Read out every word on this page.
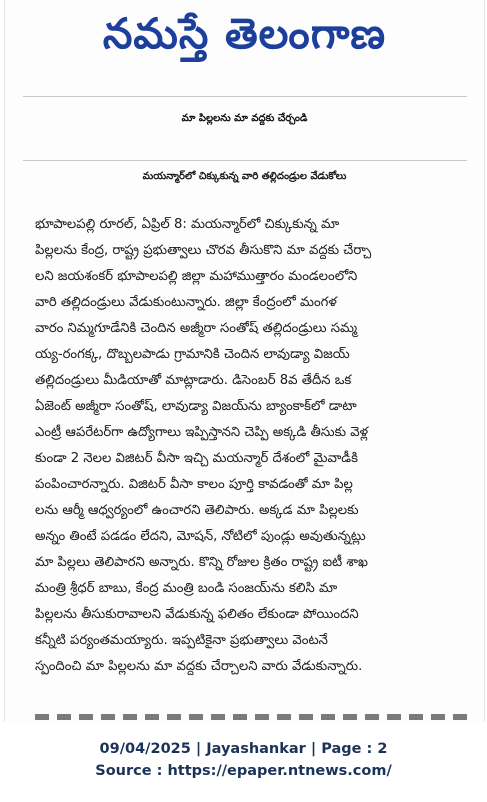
నమస్తే తెలంగాణ
మా పిల్లలను మా వద్దకు చేర్చండి
మయన్మార్‌లో చిక్కుకున్న వారి తల్లిదండ్రుల వేడుకోలు
భూపాలపల్లి రూరల్‌, ఏప్రిల్‌ 8: మయన్మార్‌లో చిక్కుకున్న మా
పిల్లలను కేంద్ర, రాష్ట్ర ప్రభుత్వాలు చొరవ తీసుకొని మా వద్దకు చేర్చా
లని జయశంకర్‌ భూపాలపల్లి జిల్లా మహాముత్తారం మండలంలోని
వారి తల్లిదండ్రులు వేడుకుంటున్నారు. జిల్లా కేంద్రంలో మంగళ
వారం నిమ్మగూడేనికి చెందిన అజ్మీరా సంతోష్‌ తల్లిదండ్రులు సమ్మ
య్య-రంగక్క, దొబ్బలపాడు గ్రామానికి చెందిన లావుడ్యా విజయ్‌
తల్లిదండ్రులు మీడియాతో మాట్లాడారు. డిసెంబర్‌ 8వ తేదీన ఒక
ఏజెంట్‌ అజ్మీరా సంతోష్‌, లావుడ్యా విజయ్‌ను బ్యాంకాక్‌లో డాటా
ఎంట్రీ ఆపరేటర్‌గా ఉద్యోగాలు ఇప్పిస్తానని చెప్పి అక్కడి తీసుకు వెళ్ల
కుండా 2 నెలల విజిటర్‌ వీసా ఇచ్చి మయన్మార్‌ దేశంలో మైవాడీకి
పంపించారన్నారు. విజిటర్‌ వీసా కాలం పూర్తి కావడంతో మా పిల్ల
లను ఆర్మీ ఆధ్వర్యంలో ఉంచారని తెలిపారు. అక్కడ మా పిల్లలకు
అన్నం తింటే పడడం లేదని, మోషన్‌, నోటిలో పుండ్లు అవుతున్నట్లు
మా పిల్లలు తెలిపారని అన్నారు. కొన్ని రోజుల క్రితం రాష్ట్ర ఐటీ శాఖ
మంత్రి శ్రీధర్‌ బాబు, కేంద్ర మంత్రి బండి సంజయ్‌ను కలిసి మా
పిల్లలను తీసుకురావాలని వేడుకున్న ఫలితం లేకుండా పోయిందని
కన్నీటి పర్యంతమయ్యారు. ఇప్పటికైనా ప్రభుత్వాలు వెంటనే
స్పందించి మా పిల్లలను మా వద్దకు చేర్చాలని వారు వేడుకున్నారు.
09/04/2025 | Jayashankar | Page : 2
Source : https://epaper.ntnews.com/
